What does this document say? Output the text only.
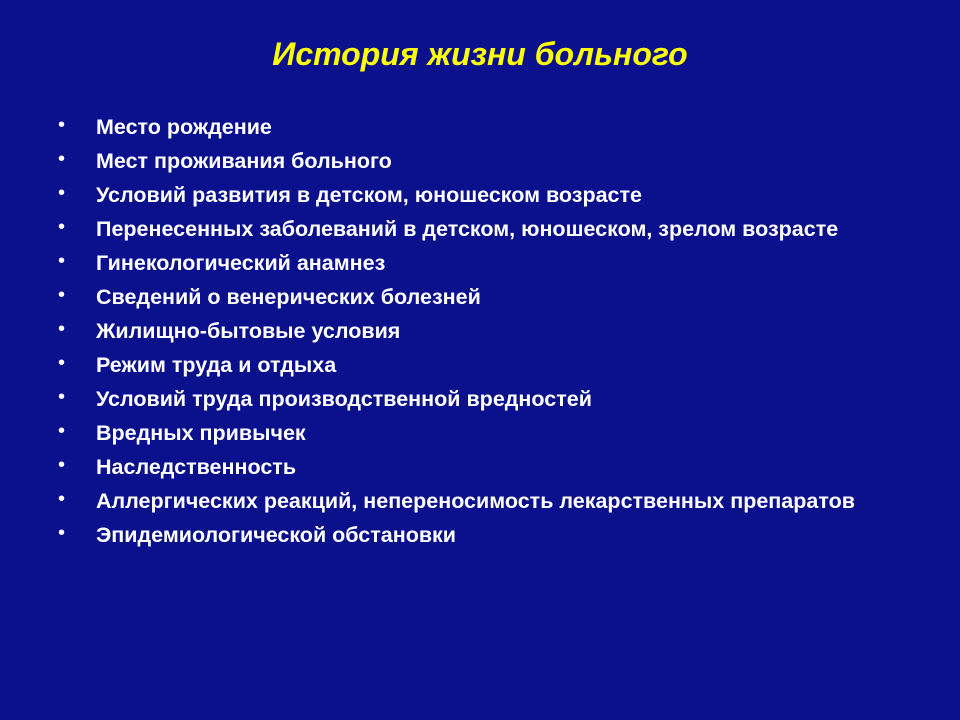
История жизни больного
• Место рождение
• Мест проживания больного
• Условий развития в детском, юношеском возрасте
• Перенесенных заболеваний в детском, юношеском, зрелом возрасте
• Гинекологический анамнез
• Сведений о венерических болезней
• Жилищно-бытовые условия
• Режим труда и отдыха
• Условий труда производственной вредностей
• Вредных привычек
• Наследственность
• Аллергических реакций, непереносимость лекарственных препаратов
• Эпидемиологической обстановки
